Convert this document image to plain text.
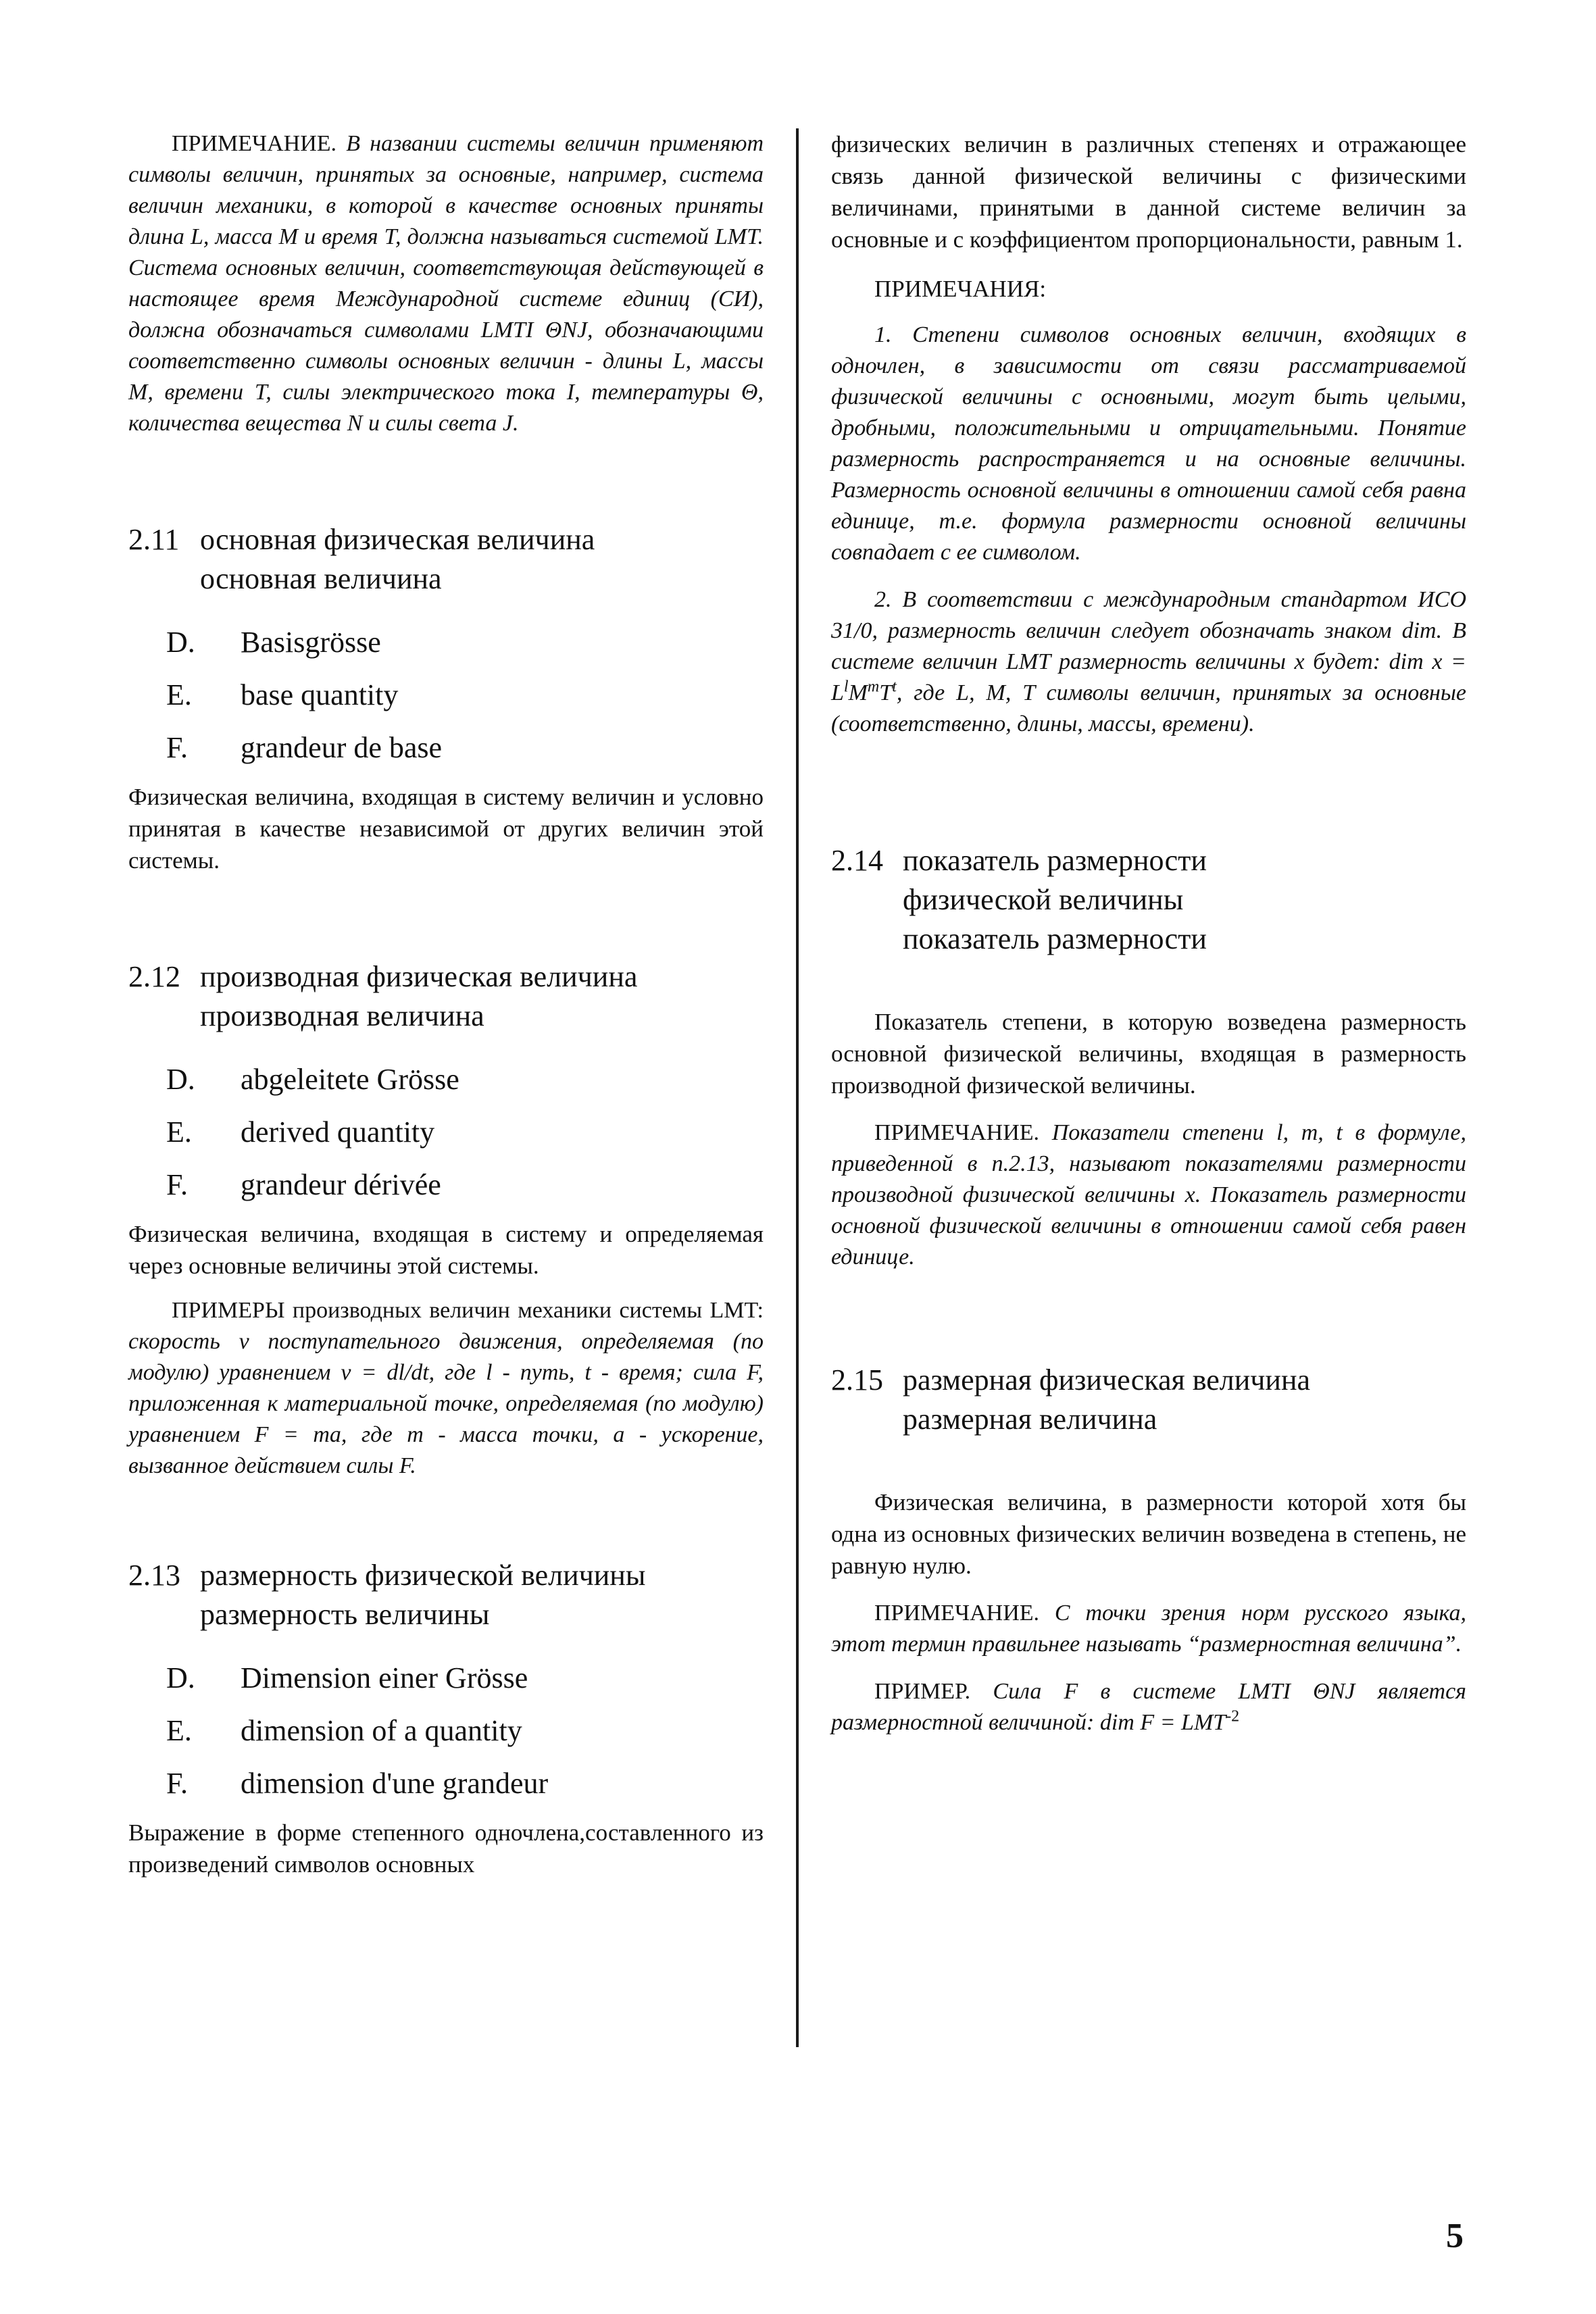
ПРИМЕЧАНИЕ. В названии системы величин применяют символы величин, принятых за основные, например, система величин механики, в которой в качестве основных приняты длина L, масса M и время T, должна называться системой LMT. Система основных величин, соответствующая действующей в настоящее время Международной системе единиц (СИ), должна обозначаться символами LMTI ΘNJ, обозначающими соответственно символы основных величин - длины L, массы M, времени T, силы электрического тока I, температуры Θ, количества вещества N и силы света J.

2.11 основная физическая величина
основная величина
D.	Basisgrösse
E.	base quantity
F.	grandeur de base

Физическая величина, входящая в систему величин и условно принятая в качестве независимой от других величин этой системы.

2.12 производная физическая величина
производная величина
D.	abgeleitete Grösse
E.	derived quantity
F.	grandeur dérivée

Физическая величина, входящая в систему и определяемая через основные величины этой системы.

ПРИМЕРЫ производных величин механики системы LMT: скорость v поступательного движения, определяемая (по модулю) уравнением v = dl/dt, где l - путь, t - время; сила F, приложенная к материальной точке, определяемая (по модулю) уравнением F = ma, где m - масса точки, a - ускорение, вызванное действием силы F.

2.13 размерность физической величины
размерность величины
D.	Dimension einer Grösse
E.	dimension of a quantity
F.	dimension d'une grandeur

Выражение в форме степенного одночлена,составленного из произведений символов основных

физических величин в различных степенях и отражающее связь данной физической величины с физическими величинами, принятыми в данной системе величин за основные и с коэффициентом пропорциональности, равным 1.

ПРИМЕЧАНИЯ:

1. Степени символов основных величин, входящих в одночлен, в зависимости от связи рассматриваемой физической величины с основными, могут быть целыми, дробными, положительными и отрицательными. Понятие размерность распространяется и на основные величины. Размерность основной величины в отношении самой себя равна единице, т.е. формула размерности основной величины совпадает с ее символом.

2. В соответствии с международным стандартом ИСО 31/0, размерность величин следует обозначать знаком dim. В системе величин LMT размерность величины x будет: dim $x = L^lM^mT^t$, где L, M, T символы величин, принятых за основные (соответственно, длины, массы, времени).

2.14 показатель размерности
физической величины
показатель размерности

Показатель степени, в которую возведена размерность основной физической величины, входящая в размерность производной физической величины.

ПРИМЕЧАНИЕ. Показатели степени l, m, t в формуле, приведенной в п.2.13, называют показателями размерности производной физической величины x. Показатель размерности основной физической величины в отношении самой себя равен единице.

2.15 размерная физическая величина
размерная величина

Физическая величина, в размерности которой хотя бы одна из основных физических величин возведена в степень, не равную нулю.

ПРИМЕЧАНИЕ. С точки зрения норм русского языка, этот термин правильнее называть “размерностная величина”.

ПРИМЕР. Сила F в системе LMTI ΘNJ является размерностной величиной: dim $F = LMT^{-2}$

5
